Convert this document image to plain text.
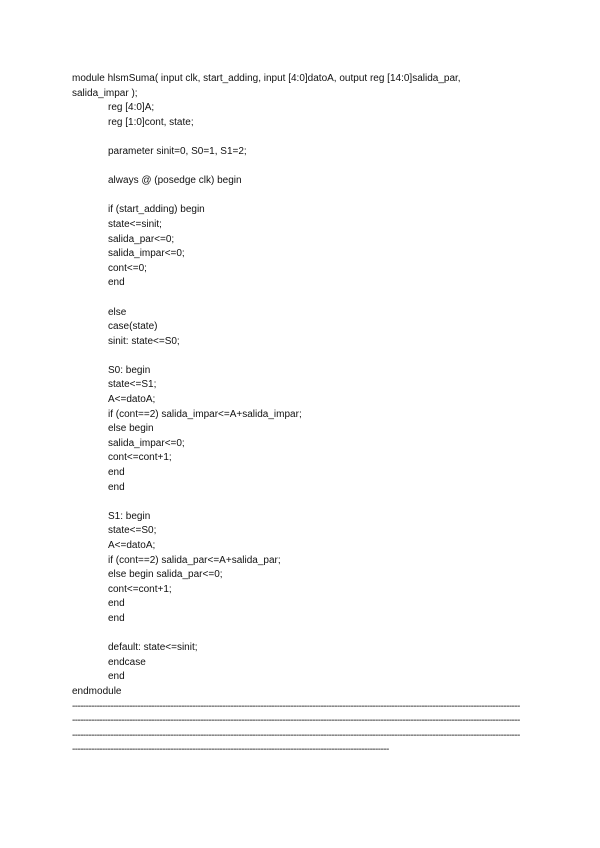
module hlsmSuma( input clk, start_adding, input [4:0]datoA, output reg [14:0]salida_par,
salida_impar );
reg [4:0]A;
reg [1:0]cont, state;
parameter sinit=0, S0=1, S1=2;
always @ (posedge clk) begin
if (start_adding) begin
state<=sinit;
salida_par<=0;
salida_impar<=0;
cont<=0;
end
else
case(state)
sinit: state<=S0;
S0: begin
state<=S1;
A<=datoA;
if (cont==2) salida_impar<=A+salida_impar;
else begin
salida_impar<=0;
cont<=cont+1;
end
end
S1: begin
state<=S0;
A<=datoA;
if (cont==2) salida_par<=A+salida_par;
else begin salida_par<=0;
cont<=cont+1;
end
end
default: state<=sinit;
endcase
end
endmodule
--------------------------------------------------------------------------------------------------------------------------------------------------------------------
--------------------------------------------------------------------------------------------------------------------------------------------------------------------
--------------------------------------------------------------------------------------------------------------------------------------------------------------------
--------------------------------------------------------------------------------------------------------------------
